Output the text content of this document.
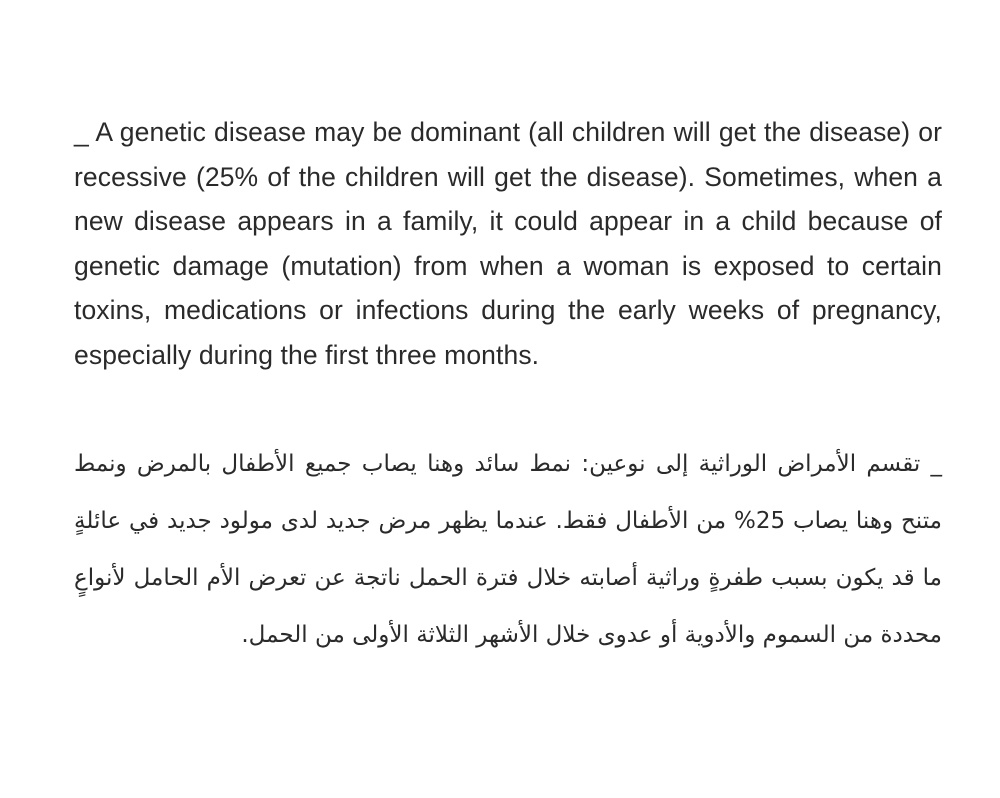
_ A genetic disease may be dominant (all children will get the disease) or recessive (25% of the children will get the disease). Sometimes, when a new disease appears in a family, it could appear in a child because of genetic damage (mutation) from when a woman is exposed to certain toxins, medications or infections during the early weeks of pregnancy, especially during the first three months.

_ تقسم الأمراض الوراثية إلى نوعين: نمط سائد وهنا يصاب جميع الأطفال بالمرض ونمط متنح وهنا يصاب 25% من الأطفال فقط. عندما يظهر مرض جديد لدى مولود جديد في عائلةٍ ما قد يكون بسبب طفرةٍ وراثية أصابته خلال فترة الحمل ناتجة عن تعرض الأم الحامل لأنواعٍ محددة من السموم والأدوية أو عدوى خلال الأشهر الثلاثة الأولى من الحمل.
